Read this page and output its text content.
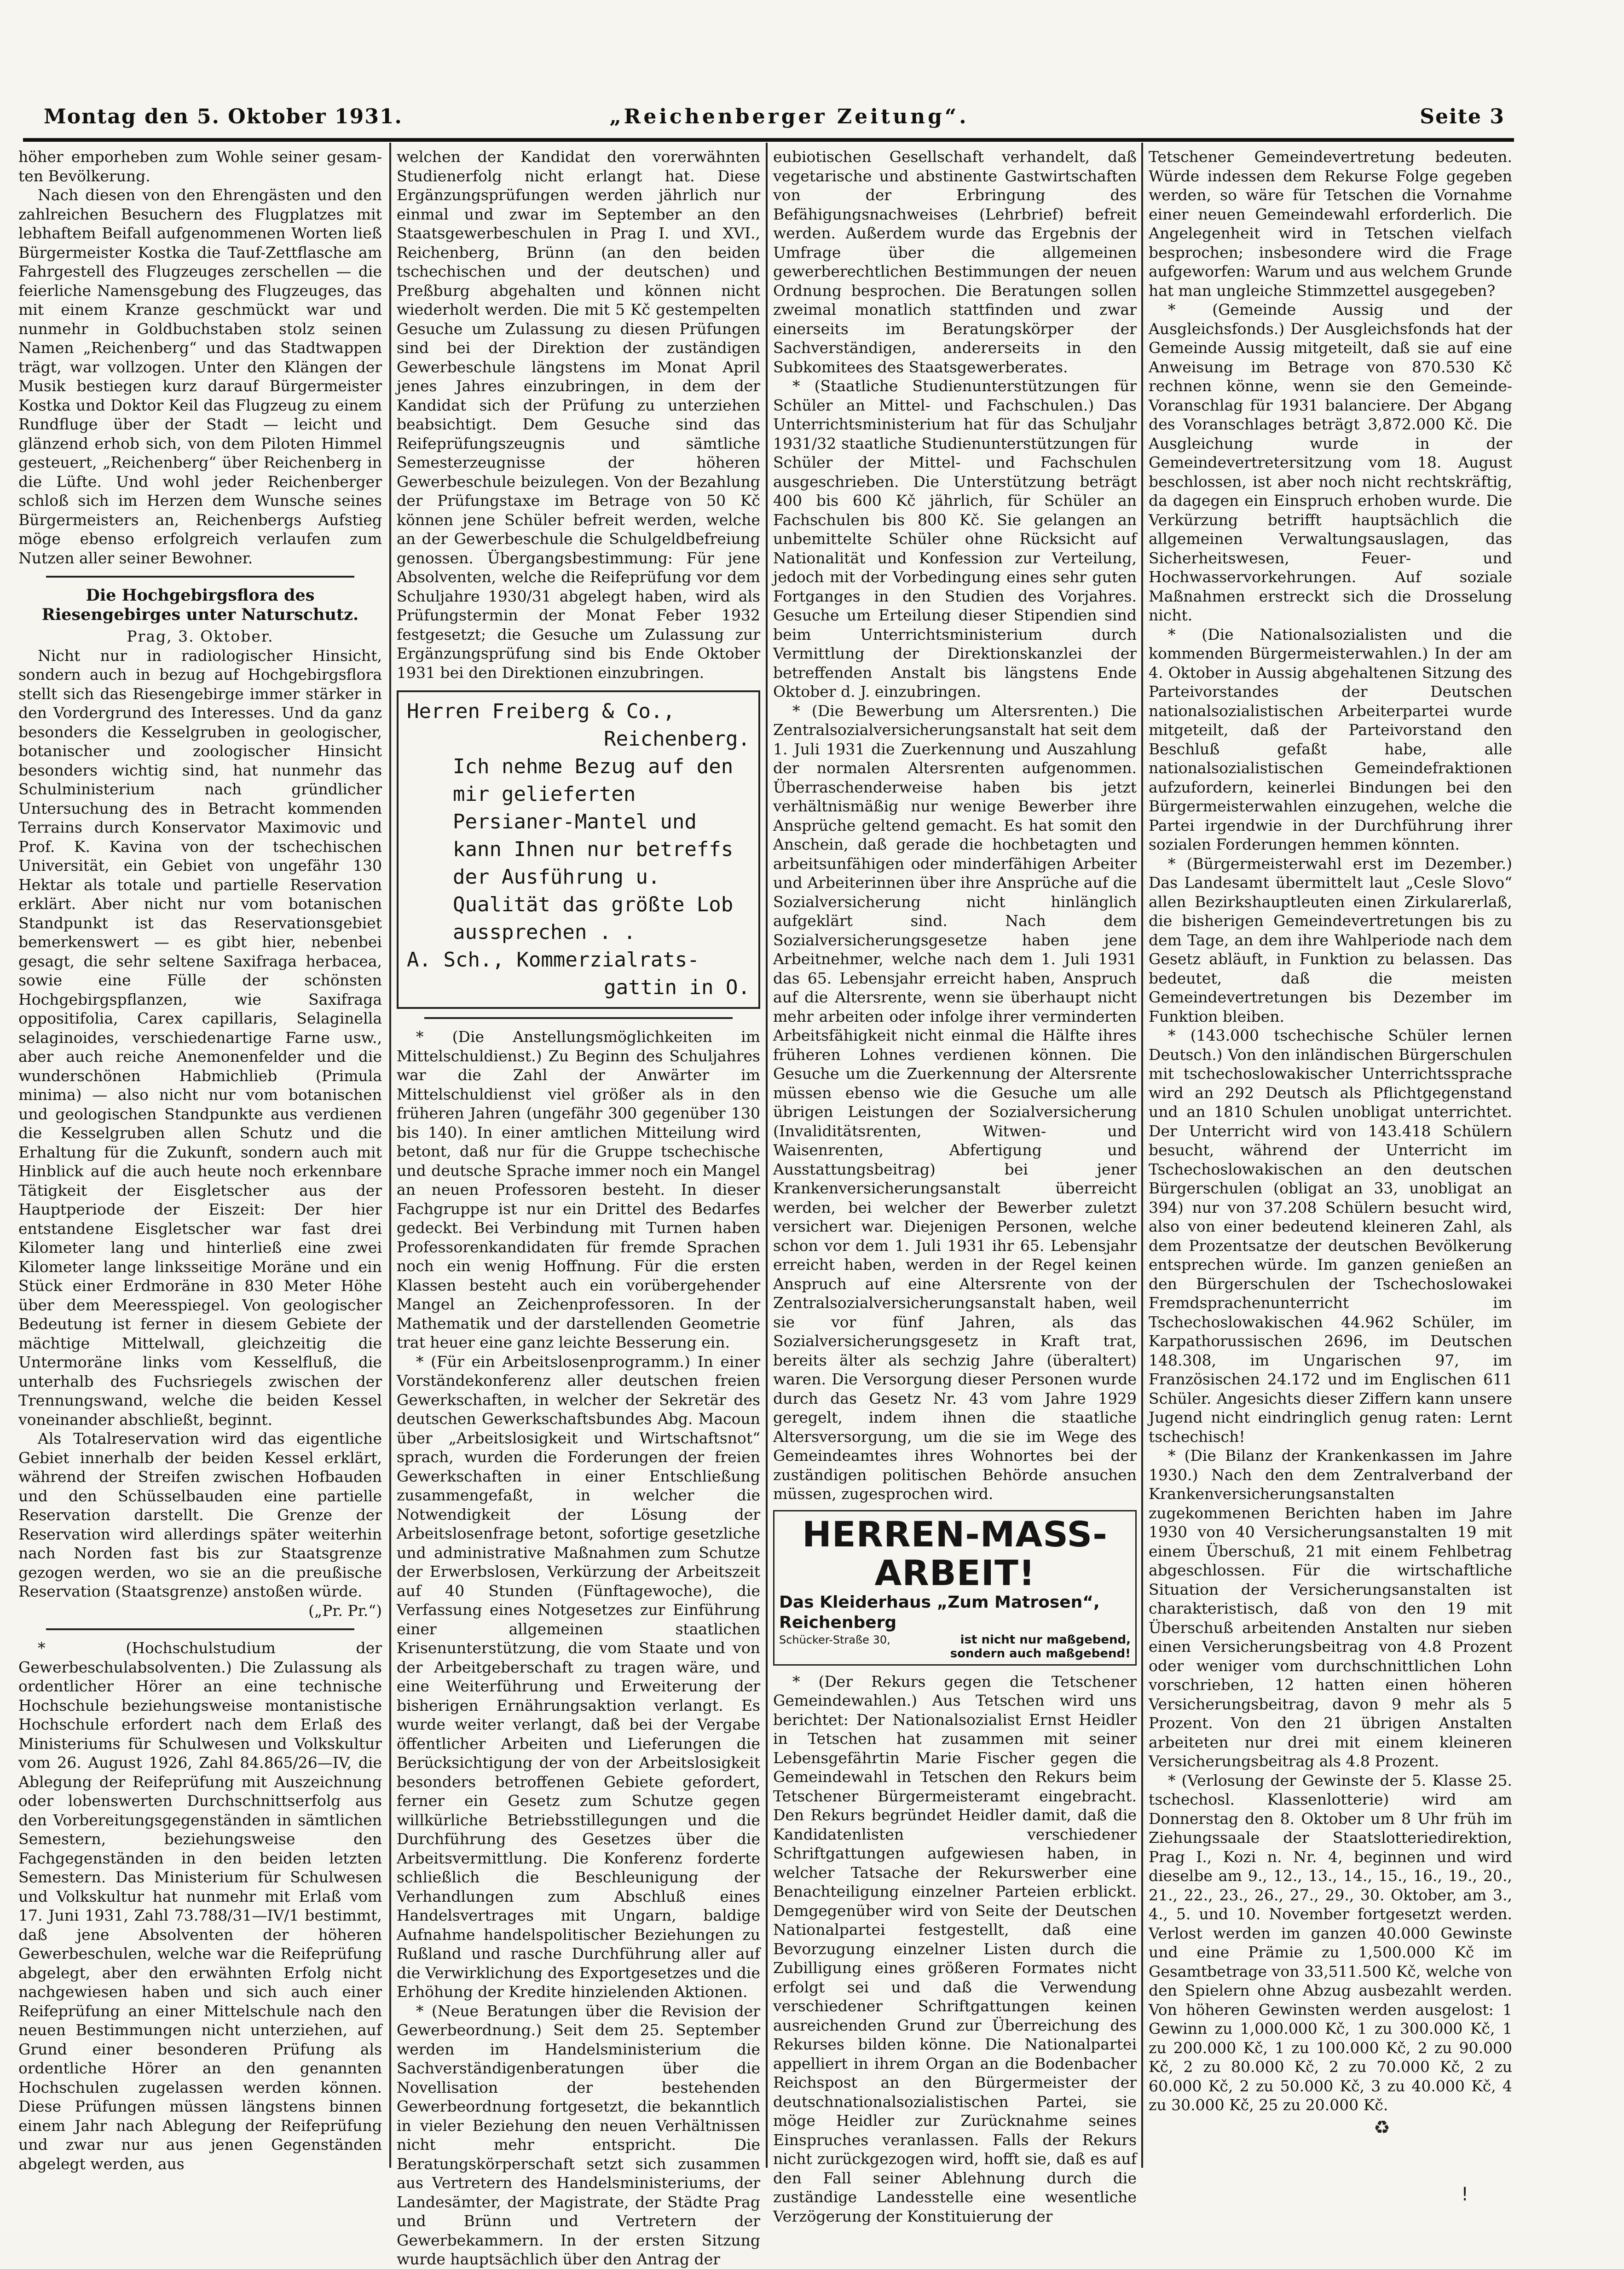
Montag den 5. Oktober 1931.	„Reichenberger Zeitung“.	Seite 3

höher emporheben zum Wohle seiner gesam-ten Bevölkerung.

Nach diesen von den Ehrengästen und den zahlreichen Besuchern des Flugplatzes mit lebhaftem Beifall aufgenommenen Worten ließ Bürgermeister Kostka die Tauf-Zettflasche am Fahrgestell des Flugzeuges zerschellen — die feierliche Namensgebung des Flugzeuges, das mit einem Kranze geschmückt war und nunmehr in Goldbuchstaben stolz seinen Namen „Reichenberg“ und das Stadtwappen trägt, war vollzogen. Unter den Klängen der Musik bestiegen kurz darauf Bürgermeister Kostka und Doktor Keil das Flugzeug zu einem Rundfluge über der Stadt — leicht und glänzend erhob sich, von dem Piloten Himmel gesteuert, „Reichenberg“ über Reichenberg in die Lüfte. Und wohl jeder Reichenberger schloß sich im Herzen dem Wunsche seines Bürgermeisters an, Reichenbergs Aufstieg möge ebenso erfolgreich verlaufen zum Nutzen aller seiner Bewohner.

Die Hochgebirgsflora des Riesengebirges unter Naturschutz.

Prag, 3. Oktober.

Nicht nur in radiologischer Hinsicht, sondern auch in bezug auf Hochgebirgsflora stellt sich das Riesengebirge immer stärker in den Vordergrund des Interesses. Und da ganz besonders die Kesselgruben in geologischer, botanischer und zoologischer Hinsicht besonders wichtig sind, hat nunmehr das Schulministerium nach gründlicher Untersuchung des in Betracht kommenden Terrains durch Konservator Maximovic und Prof. K. Kavina von der tschechischen Universität, ein Gebiet von ungefähr 130 Hektar als totale und partielle Reservation erklärt. Aber nicht nur vom botanischen Standpunkt ist das Reservationsgebiet bemerkenswert — es gibt hier, nebenbei gesagt, die sehr seltene Saxifraga herbacea, sowie eine Fülle der schönsten Hochgebirgspflanzen, wie Saxifraga oppositifolia, Carex capillaris, Selaginella selaginoides, verschiedenartige Farne usw., aber auch reiche Anemonenfelder und die wunderschönen Habmichlieb (Primula minima) — also nicht nur vom botanischen und geologischen Standpunkte aus verdienen die Kesselgruben allen Schutz und die Erhaltung für die Zukunft, sondern auch mit Hinblick auf die auch heute noch erkennbare Tätigkeit der Eisgletscher aus der Hauptperiode der Eiszeit: Der hier entstandene Eisgletscher war fast drei Kilometer lang und hinterließ eine zwei Kilometer lange linksseitige Moräne und ein Stück einer Erdmoräne in 830 Meter Höhe über dem Meeresspiegel. Von geologischer Bedeutung ist ferner in diesem Gebiete der mächtige Mittelwall, gleichzeitig die Untermoräne links vom Kesselfluß, die unterhalb des Fuchsriegels zwischen der Trennungswand, welche die beiden Kessel voneinander abschließt, beginnt.

Als Totalreservation wird das eigentliche Gebiet innerhalb der beiden Kessel erklärt, während der Streifen zwischen Hofbauden und den Schüsselbauden eine partielle Reservation darstellt. Die Grenze der Reservation wird allerdings später weiterhin nach Norden fast bis zur Staatsgrenze gezogen werden, wo sie an die preußische Reservation (Staatsgrenze) anstoßen würde.

(„Pr. Pr.“)

* (Hochschulstudium der Gewerbeschulabsolventen.) Die Zulassung als ordentlicher Hörer an eine technische Hochschule beziehungsweise montanistische Hochschule erfordert nach dem Erlaß des Ministeriums für Schulwesen und Volkskultur vom 26. August 1926, Zahl 84.865/26—IV, die Ablegung der Reifeprüfung mit Auszeichnung oder lobenswerten Durchschnittserfolg aus den Vorbereitungsgegenständen in sämtlichen Semestern, beziehungsweise den Fachgegenständen in den beiden letzten Semestern. Das Ministerium für Schulwesen und Volkskultur hat nunmehr mit Erlaß vom 17. Juni 1931, Zahl 73.788/31—IV/1 bestimmt, daß jene Absolventen der höheren Gewerbeschulen, welche war die Reifeprüfung abgelegt, aber den erwähnten Erfolg nicht nachgewiesen haben und sich auch einer Reifeprüfung an einer Mittelschule nach den neuen Bestimmungen nicht unterziehen, auf Grund einer besonderen Prüfung als ordentliche Hörer an den genannten Hochschulen zugelassen werden können. Diese Prüfungen müssen längstens binnen einem Jahr nach Ablegung der Reifeprüfung und zwar nur aus jenen Gegenständen abgelegt werden, aus

welchen der Kandidat den vorerwähnten Studienerfolg nicht erlangt hat. Diese Ergänzungsprüfungen werden jährlich nur einmal und zwar im September an den Staatsgewerbeschulen in Prag I. und XVI., Reichenberg, Brünn (an den beiden tschechischen und der deutschen) und Preßburg abgehalten und können nicht wiederholt werden. Die mit 5 Kč gestempelten Gesuche um Zulassung zu diesen Prüfungen sind bei der Direktion der zuständigen Gewerbeschule längstens im Monat April jenes Jahres einzubringen, in dem der Kandidat sich der Prüfung zu unterziehen beabsichtigt. Dem Gesuche sind das Reifeprüfungszeugnis und sämtliche Semesterzeugnisse der höheren Gewerbeschule beizulegen. Von der Bezahlung der Prüfungstaxe im Betrage von 50 Kč können jene Schüler befreit werden, welche an der Gewerbeschule die Schulgeldbefreiung genossen. Übergangsbestimmung: Für jene Absolventen, welche die Reifeprüfung vor dem Schuljahre 1930/31 abgelegt haben, wird als Prüfungstermin der Monat Feber 1932 festgesetzt; die Gesuche um Zulassung zur Ergänzungsprüfung sind bis Ende Oktober 1931 bei den Direktionen einzubringen.

Herren Freiberg & Co.,

Reichenberg.

Ich nehme Bezug auf den mir gelieferten Persianer-Mantel und kann Ihnen nur betreffs der Ausführung u. Qualität das größte Lob aussprechen . .

A. Sch., Kommerzialrats-

gattin in O.

* (Die Anstellungsmöglichkeiten im Mittelschuldienst.) Zu Beginn des Schuljahres war die Zahl der Anwärter im Mittelschuldienst viel größer als in den früheren Jahren (ungefähr 300 gegenüber 130 bis 140). In einer amtlichen Mitteilung wird betont, daß nur für die Gruppe tschechische und deutsche Sprache immer noch ein Mangel an neuen Professoren besteht. In dieser Fachgruppe ist nur ein Drittel des Bedarfes gedeckt. Bei Verbindung mit Turnen haben Professorenkandidaten für fremde Sprachen noch ein wenig Hoffnung. Für die ersten Klassen besteht auch ein vorübergehender Mangel an Zeichenprofessoren. In der Mathematik und der darstellenden Geometrie trat heuer eine ganz leichte Besserung ein.

* (Für ein Arbeitslosenprogramm.) In einer Vorständekonferenz aller deutschen freien Gewerkschaften, in welcher der Sekretär des deutschen Gewerkschaftsbundes Abg. Macoun über „Arbeitslosigkeit und Wirtschaftsnot“ sprach, wurden die Forderungen der freien Gewerkschaften in einer Entschließung zusammengefaßt, in welcher die Notwendigkeit der Lösung der Arbeitslosenfrage betont, sofortige gesetzliche und administrative Maßnahmen zum Schutze der Erwerbslosen, Verkürzung der Arbeitszeit auf 40 Stunden (Fünftagewoche), die Verfassung eines Notgesetzes zur Einführung einer allgemeinen staatlichen Krisenunterstützung, die vom Staate und von der Arbeitgeberschaft zu tragen wäre, und eine Weiterführung und Erweiterung der bisherigen Ernährungsaktion verlangt. Es wurde weiter verlangt, daß bei der Vergabe öffentlicher Arbeiten und Lieferungen die Berücksichtigung der von der Arbeitslosigkeit besonders betroffenen Gebiete gefordert, ferner ein Gesetz zum Schutze gegen willkürliche Betriebsstillegungen und die Durchführung des Gesetzes über die Arbeitsvermittlung. Die Konferenz forderte schließlich die Beschleunigung der Verhandlungen zum Abschluß eines Handelsvertrages mit Ungarn, baldige Aufnahme handelspolitischer Beziehungen zu Rußland und rasche Durchführung aller auf die Verwirklichung des Exportgesetzes und die Erhöhung der Kredite hinzielenden Aktionen.

* (Neue Beratungen über die Revision der Gewerbeordnung.) Seit dem 25. September werden im Handelsministerium die Sachverständigenberatungen über die Novellisation der bestehenden Gewerbeordnung fortgesetzt, die bekanntlich in vieler Beziehung den neuen Verhältnissen nicht mehr entspricht. Die Beratungskörperschaft setzt sich zusammen aus Vertretern des Handelsministeriums, der Landesämter, der Magistrate, der Städte Prag und Brünn und Vertretern der Gewerbekammern. In der ersten Sitzung wurde hauptsächlich über den Antrag der

eubiotischen Gesellschaft verhandelt, daß vegetarische und abstinente Gastwirtschaften von der Erbringung des Befähigungsnachweises (Lehrbrief) befreit werden. Außerdem wurde das Ergebnis der Umfrage über die allgemeinen gewerberechtlichen Bestimmungen der neuen Ordnung besprochen. Die Beratungen sollen zweimal monatlich stattfinden und zwar einerseits im Beratungskörper der Sachverständigen, andererseits in den Subkomitees des Staatsgewerberates.

* (Staatliche Studienunterstützungen für Schüler an Mittel- und Fachschulen.) Das Unterrichtsministerium hat für das Schuljahr 1931/32 staatliche Studienunterstützungen für Schüler der Mittel- und Fachschulen ausgeschrieben. Die Unterstützung beträgt 400 bis 600 Kč jährlich, für Schüler an Fachschulen bis 800 Kč. Sie gelangen an unbemittelte Schüler ohne Rücksicht auf Nationalität und Konfession zur Verteilung, jedoch mit der Vorbedingung eines sehr guten Fortganges in den Studien des Vorjahres. Gesuche um Erteilung dieser Stipendien sind beim Unterrichtsministerium durch Vermittlung der Direktionskanzlei der betreffenden Anstalt bis längstens Ende Oktober d. J. einzubringen.

* (Die Bewerbung um Altersrenten.) Die Zentralsozialversicherungsanstalt hat seit dem 1. Juli 1931 die Zuerkennung und Auszahlung der normalen Altersrenten aufgenommen. Überraschenderweise haben bis jetzt verhältnismäßig nur wenige Bewerber ihre Ansprüche geltend gemacht. Es hat somit den Anschein, daß gerade die hochbetagten und arbeitsunfähigen oder minderfähigen Arbeiter und Arbeiterinnen über ihre Ansprüche auf die Sozialversicherung nicht hinlänglich aufgeklärt sind. Nach dem Sozialversicherungsgesetze haben jene Arbeitnehmer, welche nach dem 1. Juli 1931 das 65. Lebensjahr erreicht haben, Anspruch auf die Altersrente, wenn sie überhaupt nicht mehr arbeiten oder infolge ihrer verminderten Arbeitsfähigkeit nicht einmal die Hälfte ihres früheren Lohnes verdienen können. Die Gesuche um die Zuerkennung der Altersrente müssen ebenso wie die Gesuche um alle übrigen Leistungen der Sozialversicherung (Invaliditätsrenten, Witwen- und Waisenrenten, Abfertigung und Ausstattungsbeitrag) bei jener Krankenversicherungsanstalt überreicht werden, bei welcher der Bewerber zuletzt versichert war. Diejenigen Personen, welche schon vor dem 1. Juli 1931 ihr 65. Lebensjahr erreicht haben, werden in der Regel keinen Anspruch auf eine Altersrente von der Zentralsozialversicherungsanstalt haben, weil sie vor fünf Jahren, als das Sozialversicherungsgesetz in Kraft trat, bereits älter als sechzig Jahre (überaltert) waren. Die Versorgung dieser Personen wurde durch das Gesetz Nr. 43 vom Jahre 1929 geregelt, indem ihnen die staatliche Altersversorgung, um die sie im Wege des Gemeindeamtes ihres Wohnortes bei der zuständigen politischen Behörde ansuchen müssen, zugesprochen wird.

HERREN-MASS-ARBEIT!
Das Kleiderhaus „Zum Matrosen“, Reichenberg
Schücker-Straße 30,	ist nicht nur maßgebend,
sondern auch maßgebend!

* (Der Rekurs gegen die Tetschener Gemeindewahlen.) Aus Tetschen wird uns berichtet: Der Nationalsozialist Ernst Heidler in Tetschen hat zusammen mit seiner Lebensgefährtin Marie Fischer gegen die Gemeindewahl in Tetschen den Rekurs beim Tetschener Bürgermeisteramt eingebracht. Den Rekurs begründet Heidler damit, daß die Kandidatenlisten verschiedener Schriftgattungen aufgewiesen haben, in welcher Tatsache der Rekurswerber eine Benachteiligung einzelner Parteien erblickt. Demgegenüber wird von Seite der Deutschen Nationalpartei festgestellt, daß eine Bevorzugung einzelner Listen durch die Zubilligung eines größeren Formates nicht erfolgt sei und daß die Verwendung verschiedener Schriftgattungen keinen ausreichenden Grund zur Überreichung des Rekurses bilden könne. Die Nationalpartei appelliert in ihrem Organ an die Bodenbacher Reichspost an den Bürgermeister der deutschnationalsozialistischen Partei, sie möge Heidler zur Zurücknahme seines Einspruches veranlassen. Falls der Rekurs nicht zurückgezogen wird, hofft sie, daß es auf den Fall seiner Ablehnung durch die zuständige Landesstelle eine wesentliche Verzögerung der Konstituierung der

Tetschener Gemeindevertretung bedeuten. Würde indessen dem Rekurse Folge gegeben werden, so wäre für Tetschen die Vornahme einer neuen Gemeindewahl erforderlich. Die Angelegenheit wird in Tetschen vielfach besprochen; insbesondere wird die Frage aufgeworfen: Warum und aus welchem Grunde hat man ungleiche Stimmzettel ausgegeben?

* (Gemeinde Aussig und der Ausgleichsfonds.) Der Ausgleichsfonds hat der Gemeinde Aussig mitgeteilt, daß sie auf eine Anweisung im Betrage von 870.530 Kč rechnen könne, wenn sie den Gemeinde-Voranschlag für 1931 balanciere. Der Abgang des Voranschlages beträgt 3,872.000 Kč. Die Ausgleichung wurde in der Gemeindevertretersitzung vom 18. August beschlossen, ist aber noch nicht rechtskräftig, da dagegen ein Einspruch erhoben wurde. Die Verkürzung betrifft hauptsächlich die allgemeinen Verwaltungsauslagen, das Sicherheitswesen, Feuer- und Hochwasservorkehrungen. Auf soziale Maßnahmen erstreckt sich die Drosselung nicht.

* (Die Nationalsozialisten und die kommenden Bürgermeisterwahlen.) In der am 4. Oktober in Aussig abgehaltenen Sitzung des Parteivorstandes der Deutschen nationalsozialistischen Arbeiterpartei wurde mitgeteilt, daß der Parteivorstand den Beschluß gefaßt habe, alle nationalsozialistischen Gemeindefraktionen aufzufordern, keinerlei Bindungen bei den Bürgermeisterwahlen einzugehen, welche die Partei irgendwie in der Durchführung ihrer sozialen Forderungen hemmen könnten.

* (Bürgermeisterwahl erst im Dezember.) Das Landesamt übermittelt laut „Cesle Slovo“ allen Bezirkshauptleuten einen Zirkularerlaß, die bisherigen Gemeindevertretungen bis zu dem Tage, an dem ihre Wahlperiode nach dem Gesetz abläuft, in Funktion zu belassen. Das bedeutet, daß die meisten Gemeindevertretungen bis Dezember im Funktion bleiben.

* (143.000 tschechische Schüler lernen Deutsch.) Von den inländischen Bürgerschulen mit tschechoslowakischer Unterrichtssprache wird an 292 Deutsch als Pflichtgegenstand und an 1810 Schulen unobligat unterrichtet. Der Unterricht wird von 143.418 Schülern besucht, während der Unterricht im Tschechoslowakischen an den deutschen Bürgerschulen (obligat an 33, unobligat an 394) nur von 37.208 Schülern besucht wird, also von einer bedeutend kleineren Zahl, als dem Prozentsatze der deutschen Bevölkerung entsprechen würde. Im ganzen genießen an den Bürgerschulen der Tschechoslowakei Fremdsprachenunterricht im Tschechoslowakischen 44.962 Schüler, im Karpathorussischen 2696, im Deutschen 148.308, im Ungarischen 97, im Französischen 24.172 und im Englischen 611 Schüler. Angesichts dieser Ziffern kann unsere Jugend nicht eindringlich genug raten: Lernt tschechisch!

* (Die Bilanz der Krankenkassen im Jahre 1930.) Nach den dem Zentralverband der Krankenversicherungsanstalten zugekommenen Berichten haben im Jahre 1930 von 40 Versicherungsanstalten 19 mit einem Überschuß, 21 mit einem Fehlbetrag abgeschlossen. Für die wirtschaftliche Situation der Versicherungsanstalten ist charakteristisch, daß von den 19 mit Überschuß arbeitenden Anstalten nur sieben einen Versicherungsbeitrag von 4.8 Prozent oder weniger vom durchschnittlichen Lohn vorschrieben, 12 hatten einen höheren Versicherungsbeitrag, davon 9 mehr als 5 Prozent. Von den 21 übrigen Anstalten arbeiteten nur drei mit einem kleineren Versicherungsbeitrag als 4.8 Prozent.

* (Verlosung der Gewinste der 5. Klasse 25. tschechosl. Klassenlotterie) wird am Donnerstag den 8. Oktober um 8 Uhr früh im Ziehungssaale der Staatslotteriedirektion, Prag I., Kozi n. Nr. 4, beginnen und wird dieselbe am 9., 12., 13., 14., 15., 16., 19., 20., 21., 22., 23., 26., 27., 29., 30. Oktober, am 3., 4., 5. und 10. November fortgesetzt werden. Verlost werden im ganzen 40.000 Gewinste und eine Prämie zu 1,500.000 Kč im Gesamtbetrage von 33,511.500 Kč, welche von den Spielern ohne Abzug ausbezahlt werden. Von höheren Gewinsten werden ausgelost: 1 Gewinn zu 1,000.000 Kč, 1 zu 300.000 Kč, 1 zu 200.000 Kč, 1 zu 100.000 Kč, 2 zu 90.000 Kč, 2 zu 80.000 Kč, 2 zu 70.000 Kč, 2 zu 60.000 Kč, 2 zu 50.000 Kč, 3 zu 40.000 Kč, 4 zu 30.000 Kč, 25 zu 20.000 Kč.

♻
!
